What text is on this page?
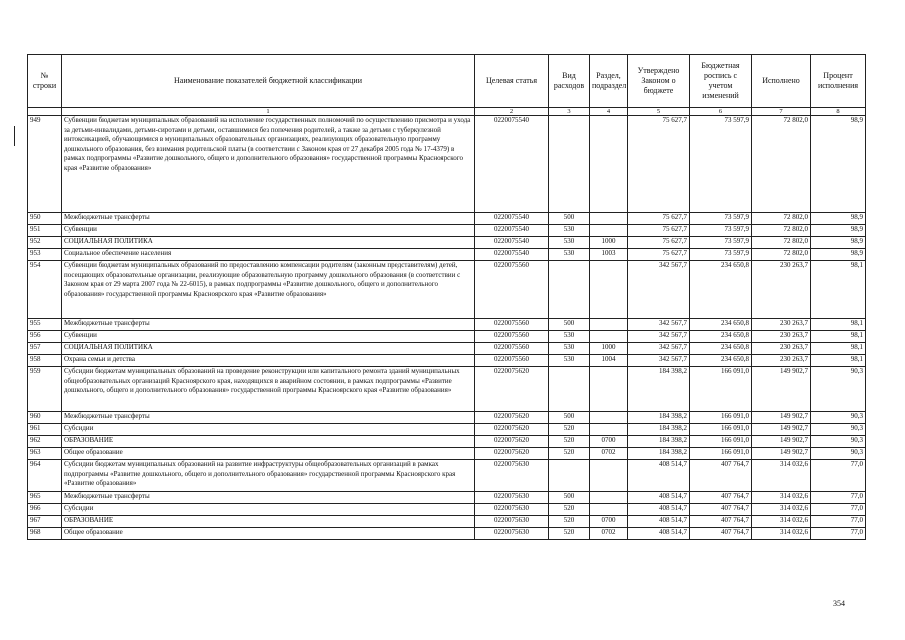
№ строки	Наименование показателей бюджетной классификации	Целевая статья	Вид расходов	Раздел, подраздел	Утверждено Законом о бюджете	Бюджетная роспись с учетом изменений	Исполнено	Процент исполнения
	1	2	3	4	5	6	7	8
949	Субвенции бюджетам муниципальных образований на исполнение государственных полномочий по осуществлению присмотра и ухода за детьми-инвалидами, детьми-сиротами и детьми, оставшимися без попечения родителей, а также за детьми с туберкулезной интоксикацией, обучающимися в муниципальных образовательных организациях, реализующих образовательную программу дошкольного образования, без взимания родительской платы (в соответствии с Законом края от 27 декабря 2005 года № 17-4379) в рамках подпрограммы «Развитие дошкольного, общего и дополнительного образования» государственной программы Красноярского края «Развитие образования»	0220075540			75 627,7	73 597,9	72 802,0	98,9
950	Межбюджетные трансферты	0220075540	500		75 627,7	73 597,9	72 802,0	98,9
951	Субвенции	0220075540	530		75 627,7	73 597,9	72 802,0	98,9
952	СОЦИАЛЬНАЯ ПОЛИТИКА	0220075540	530	1000	75 627,7	73 597,9	72 802,0	98,9
953	Социальное обеспечение населения	0220075540	530	1003	75 627,7	73 597,9	72 802,0	98,9
954	Субвенции бюджетам муниципальных образований по предоставлению компенсации родителям (законным представителям) детей, посещающих образовательные организации, реализующие образовательную программу дошкольного образования (в соответствии с Законом края от 29 марта 2007 года № 22-6015), в рамках подпрограммы «Развитие дошкольного, общего и дополнительного образования» государственной программы Красноярского края «Развитие образования»	0220075560			342 567,7	234 650,8	230 263,7	98,1
955	Межбюджетные трансферты	0220075560	500		342 567,7	234 650,8	230 263,7	98,1
956	Субвенции	0220075560	530		342 567,7	234 650,8	230 263,7	98,1
957	СОЦИАЛЬНАЯ ПОЛИТИКА	0220075560	530	1000	342 567,7	234 650,8	230 263,7	98,1
958	Охрана семьи и детства	0220075560	530	1004	342 567,7	234 650,8	230 263,7	98,1
959	Субсидии бюджетам муниципальных образований на проведение реконструкции или капитального ремонта зданий муниципальных общеобразовательных организаций Красноярского края, находящихся в аварийном состоянии, в рамках подпрограммы «Развитие дошкольного, общего и дополнительного образования» государственной программы Красноярского края «Развитие образования»	0220075620			184 398,2	166 091,0	149 902,7	90,3
960	Межбюджетные трансферты	0220075620	500		184 398,2	166 091,0	149 902,7	90,3
961	Субсидии	0220075620	520		184 398,2	166 091,0	149 902,7	90,3
962	ОБРАЗОВАНИЕ	0220075620	520	0700	184 398,2	166 091,0	149 902,7	90,3
963	Общее образование	0220075620	520	0702	184 398,2	166 091,0	149 902,7	90,3
964	Субсидии бюджетам муниципальных образований на развитие инфраструктуры общеобразовательных организаций в рамках подпрограммы «Развитие дошкольного, общего и дополнительного образования» государственной программы Красноярского края «Развитие образования»	0220075630			408 514,7	407 764,7	314 032,6	77,0
965	Межбюджетные трансферты	0220075630	500		408 514,7	407 764,7	314 032,6	77,0
966	Субсидии	0220075630	520		408 514,7	407 764,7	314 032,6	77,0
967	ОБРАЗОВАНИЕ	0220075630	520	0700	408 514,7	407 764,7	314 032,6	77,0
968	Общее образование	0220075630	520	0702	408 514,7	407 764,7	314 032,6	77,0
354
